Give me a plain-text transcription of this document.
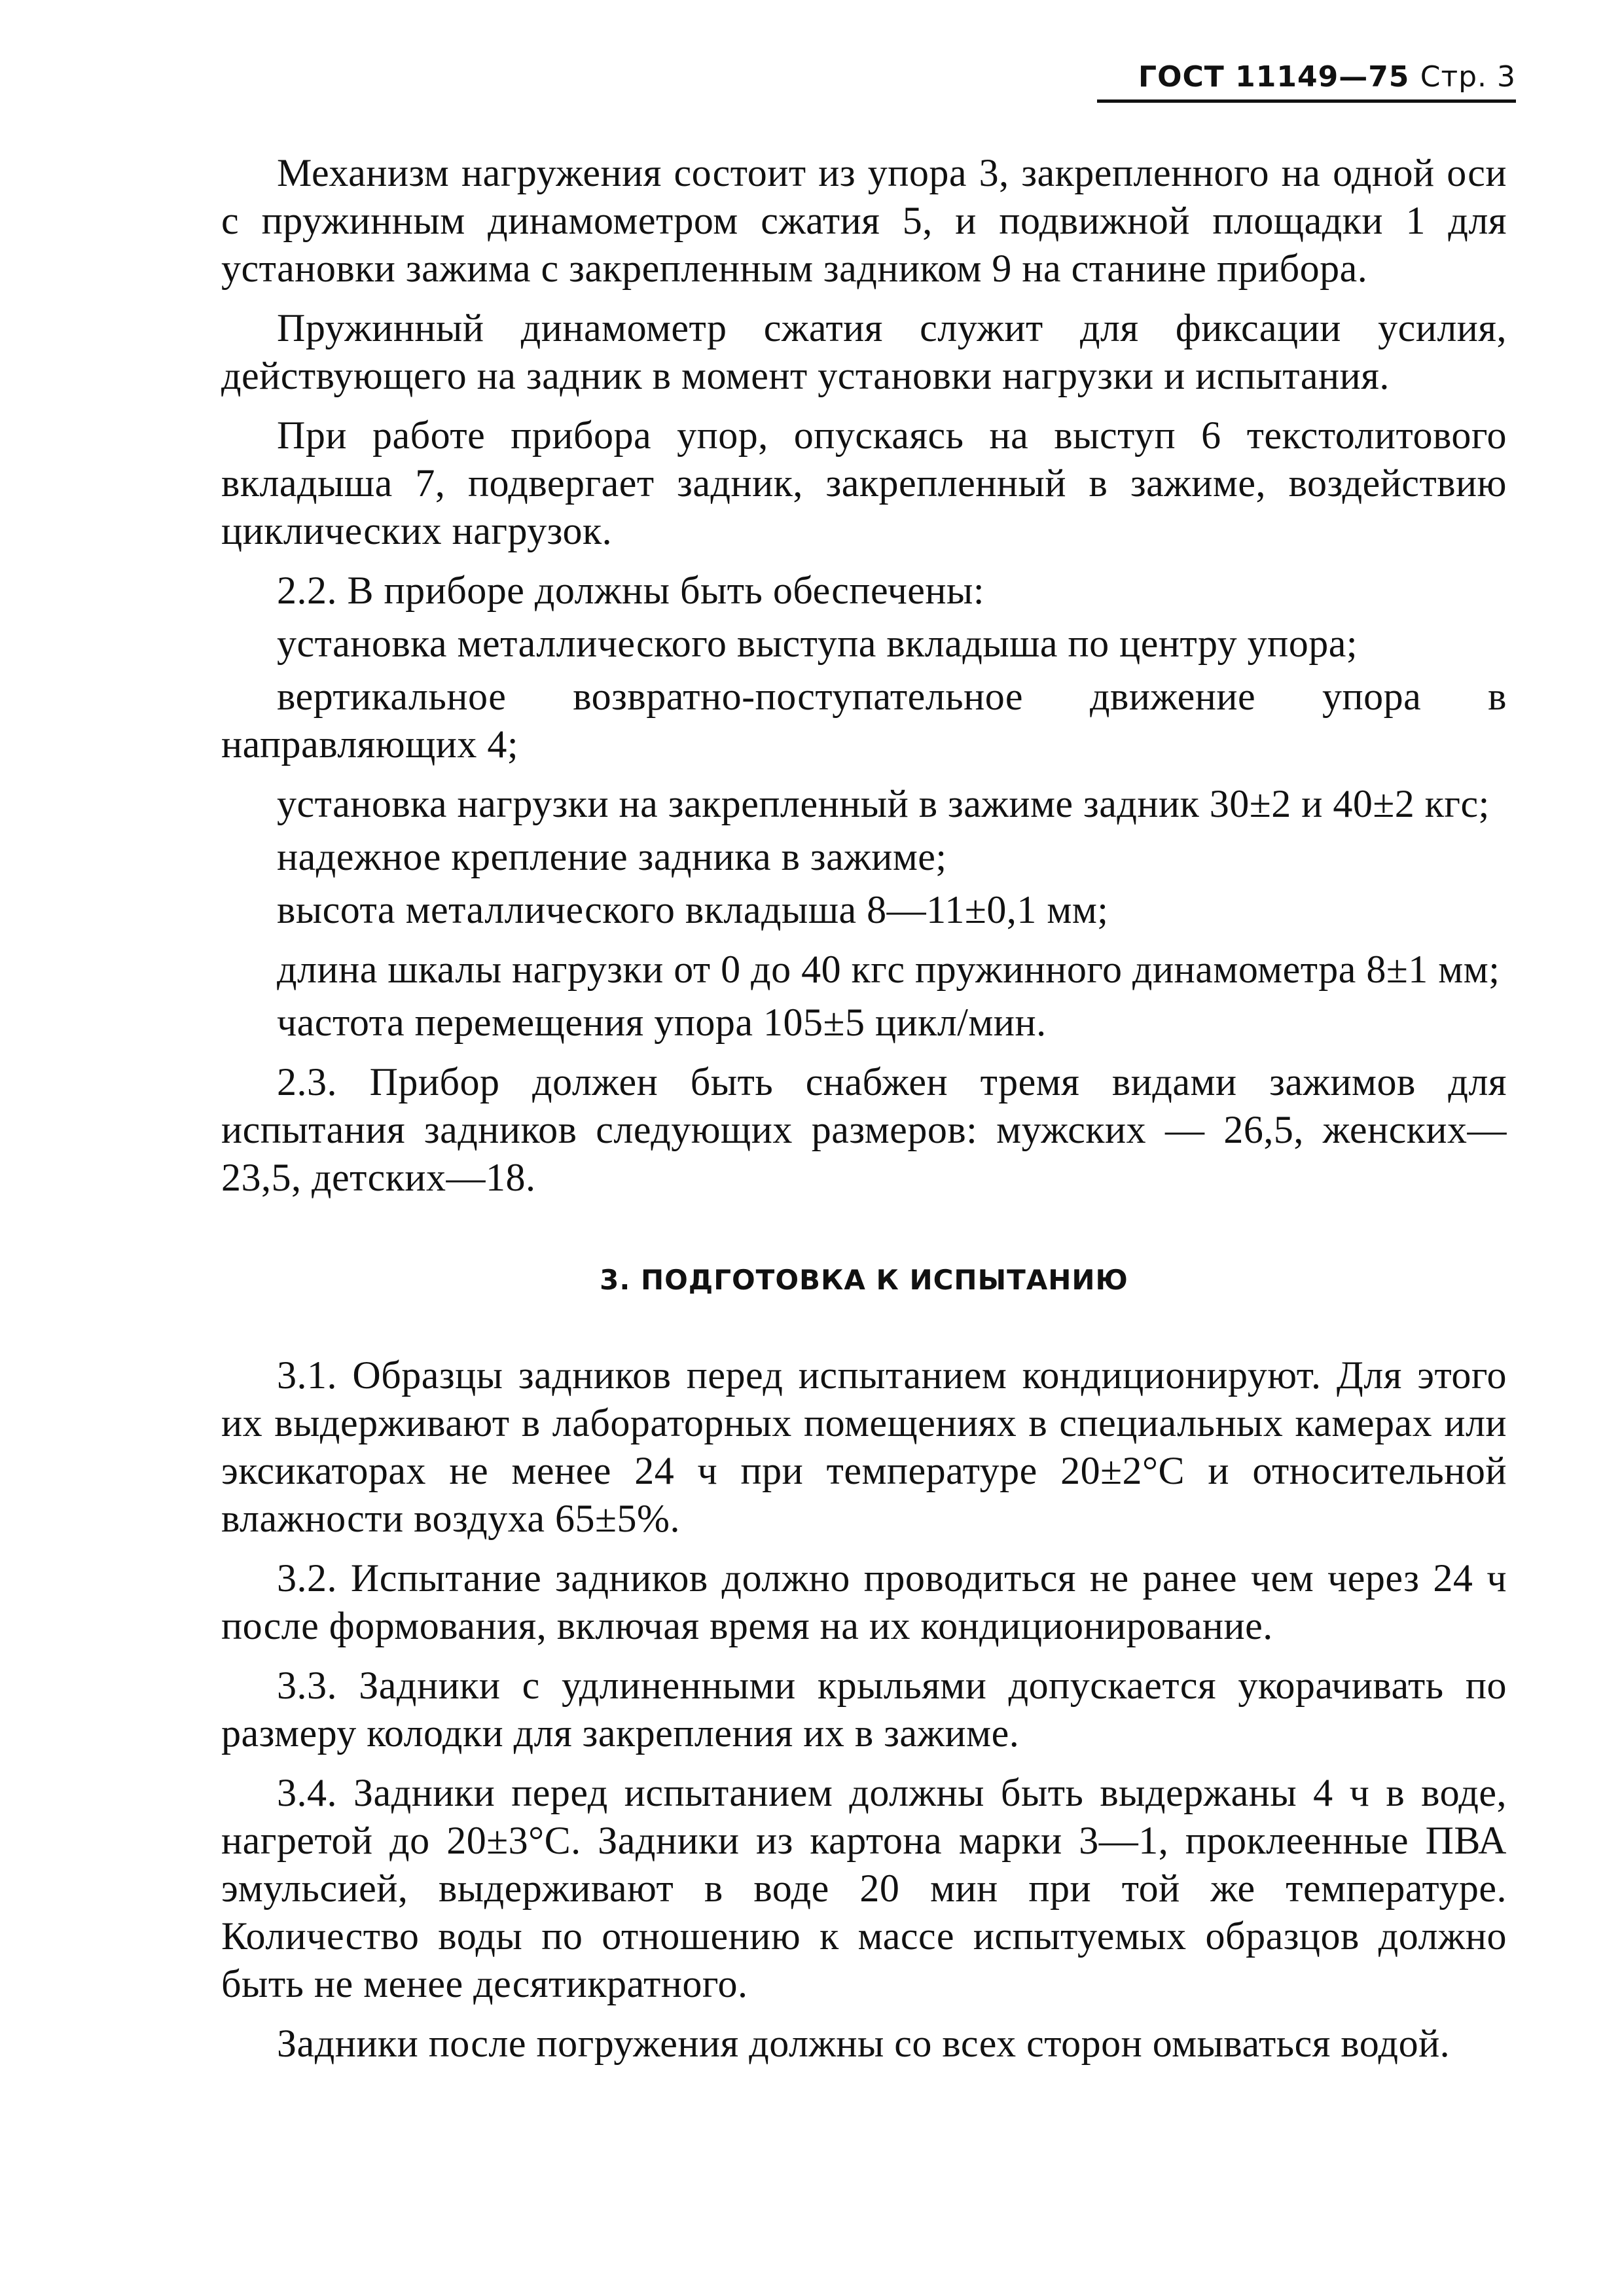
ГОСТ 11149—75 Стр. 3

Механизм нагружения состоит из упора 3, закрепленного на одной оси с пружинным динамометром сжатия 5, и подвижной площадки 1 для установки зажима с закрепленным задником 9 на станине прибора.

Пружинный динамометр сжатия служит для фиксации усилия, действующего на задник в момент установки нагрузки и испытания.

При работе прибора упор, опускаясь на выступ 6 текстолитового вкладыша 7, подвергает задник, закрепленный в зажиме, воздействию циклических нагрузок.

2.2. В приборе должны быть обеспечены:

установка металлического выступа вкладыша по центру упора;

вертикальное возвратно-поступательное движение упора в направляющих 4;

установка нагрузки на закрепленный в зажиме задник 30±2 и 40±2 кгс;

надежное крепление задника в зажиме;

высота металлического вкладыша 8—11±0,1 мм;

длина шкалы нагрузки от 0 до 40 кгс пружинного динамометра 8±1 мм;

частота перемещения упора 105±5 цикл/мин.

2.3. Прибор должен быть снабжен тремя видами зажимов для испытания задников следующих размеров: мужских — 26,5, женских—23,5, детских—18.

3. ПОДГОТОВКА К ИСПЫТАНИЮ

3.1. Образцы задников перед испытанием кондиционируют. Для этого их выдерживают в лабораторных помещениях в специальных камерах или эксикаторах не менее 24 ч при температуре 20±2°С и относительной влажности воздуха 65±5%.

3.2. Испытание задников должно проводиться не ранее чем через 24 ч после формования, включая время на их кондиционирование.

3.3. Задники с удлиненными крыльями допускается укорачивать по размеру колодки для закрепления их в зажиме.

3.4. Задники перед испытанием должны быть выдержаны 4 ч в воде, нагретой до 20±3°С. Задники из картона марки 3—1, проклеенные ПВА эмульсией, выдерживают в воде 20 мин при той же температуре. Количество воды по отношению к массе испытуемых образцов должно быть не менее десятикратного.

Задники после погружения должны со всех сторон омываться водой.
